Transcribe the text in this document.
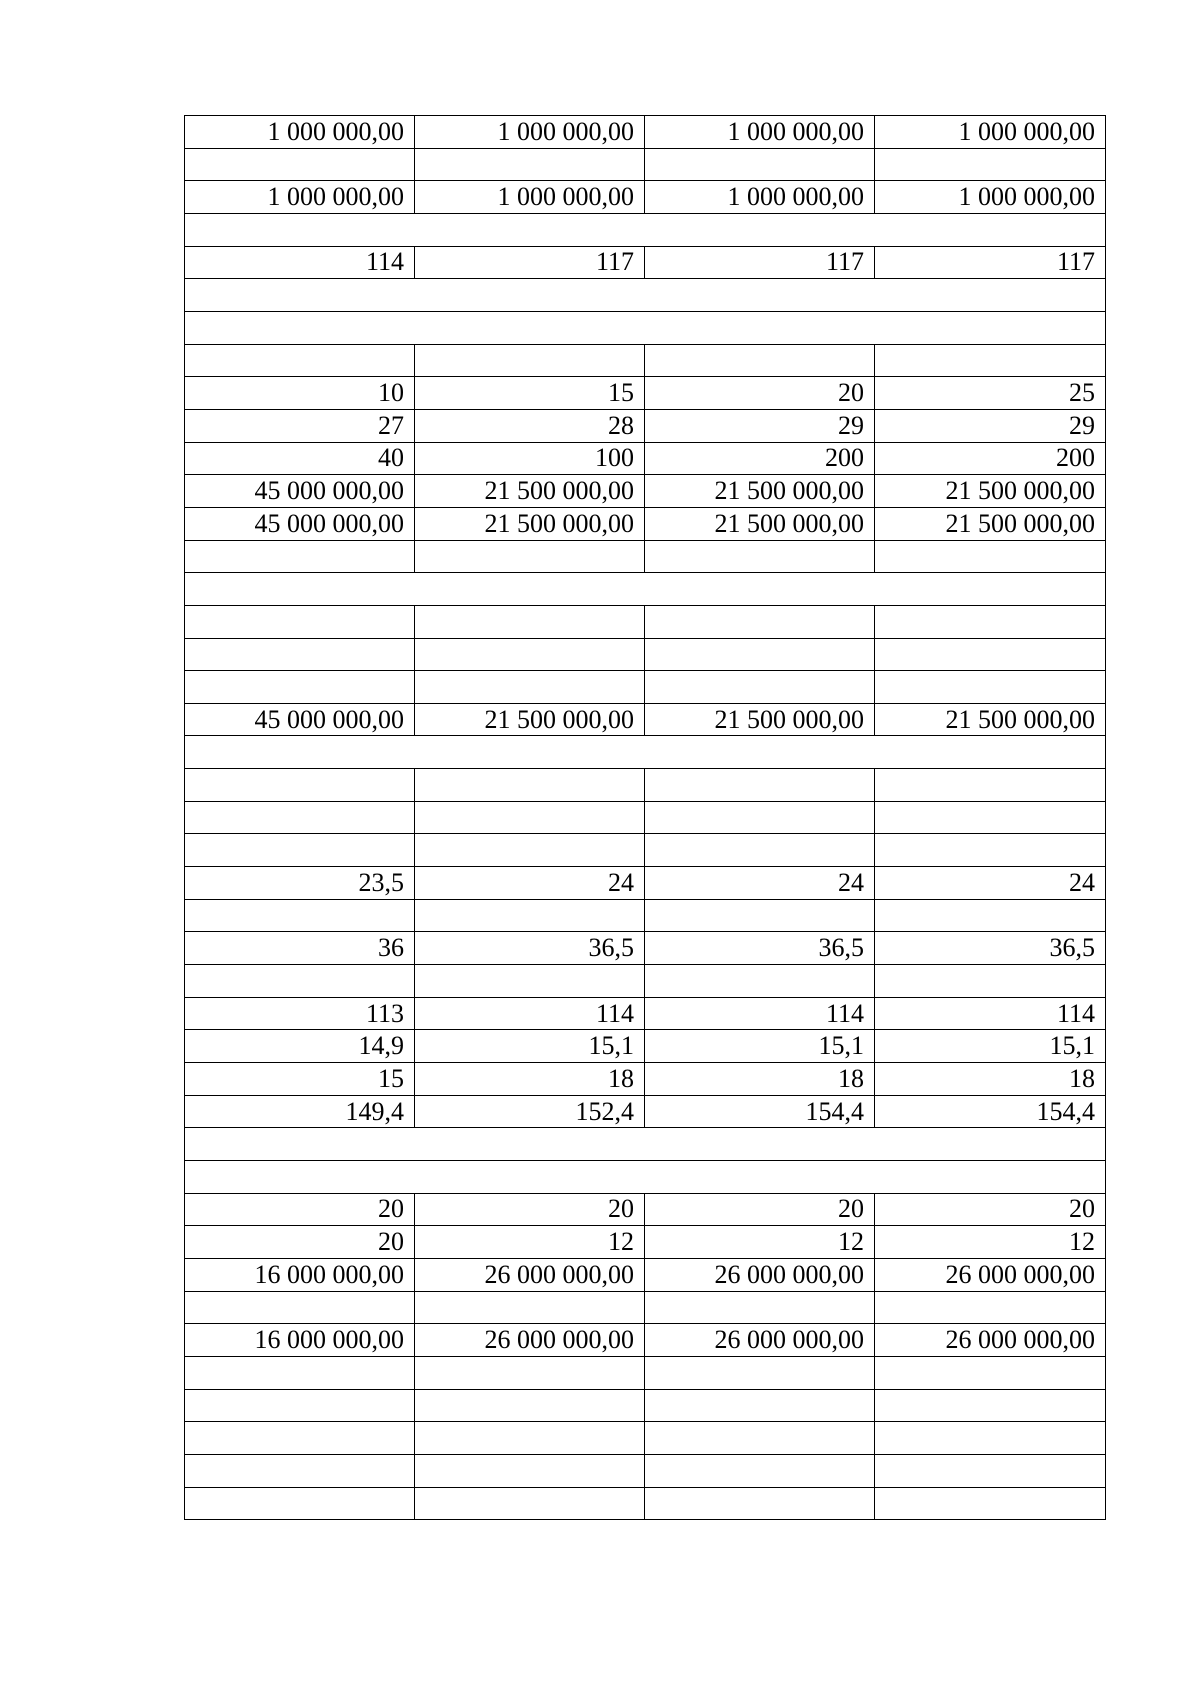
1 000 000,00	1 000 000,00	1 000 000,00	1 000 000,00

1 000 000,00	1 000 000,00	1 000 000,00	1 000 000,00

114	117	117	117

10	15	20	25
27	28	29	29
40	100	200	200
45 000 000,00	21 500 000,00	21 500 000,00	21 500 000,00
45 000 000,00	21 500 000,00	21 500 000,00	21 500 000,00

45 000 000,00	21 500 000,00	21 500 000,00	21 500 000,00

23,5	24	24	24

36	36,5	36,5	36,5

113	114	114	114
14,9	15,1	15,1	15,1
15	18	18	18
149,4	152,4	154,4	154,4

20	20	20	20
20	12	12	12
16 000 000,00	26 000 000,00	26 000 000,00	26 000 000,00

16 000 000,00	26 000 000,00	26 000 000,00	26 000 000,00
